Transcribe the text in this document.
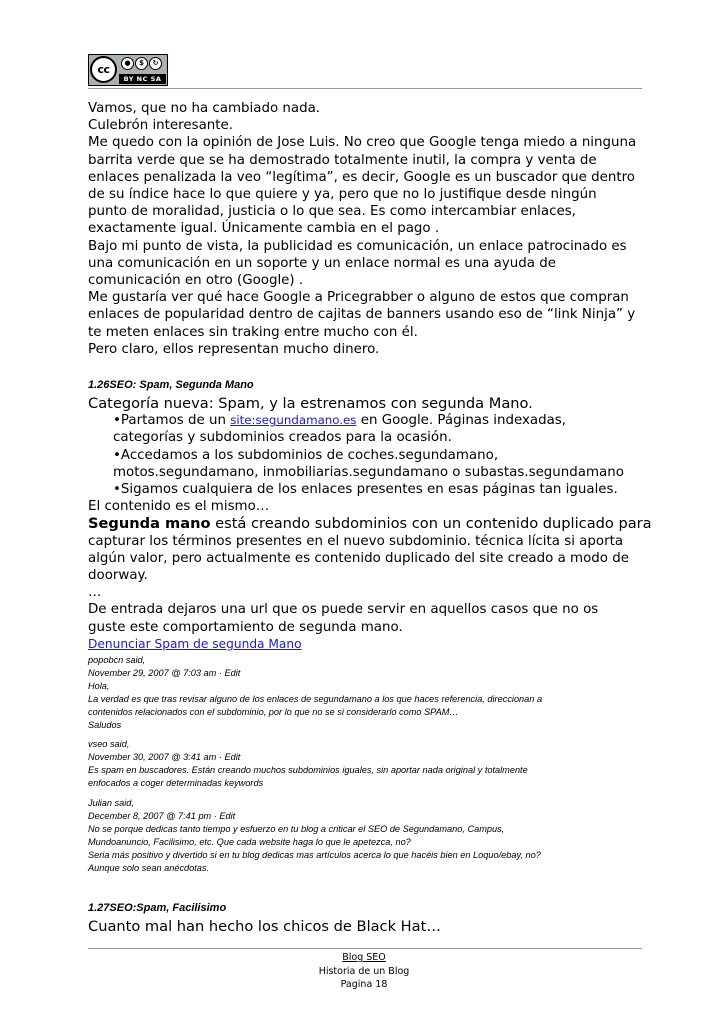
cc	● $ ↻
BY NC SA

Vamos, que no ha cambiado nada.

Culebrón interesante.

Me quedo con la opinión de Jose Luis. No creo que Google tenga miedo a ninguna

barrita verde que se ha demostrado totalmente inutil, la compra y venta de

enlaces penalizada la veo “legítima”, es decir, Google es un buscador que dentro

de su índice hace lo que quiere y ya, pero que no lo justifique desde ningún

punto de moralidad, justicia o lo que sea. Es como intercambiar enlaces,

exactamente igual. Únicamente cambia en el pago .

Bajo mi punto de vista, la publicidad es comunicación, un enlace patrocinado es

una comunicación en un soporte y un enlace normal es una ayuda de

comunicación en otro (Google) .

Me gustaría ver qué hace Google a Pricegrabber o alguno de estos que compran

enlaces de popularidad dentro de cajitas de banners usando eso de “link Ninja” y

te meten enlaces sin traking entre mucho con él.

Pero claro, ellos representan mucho dinero.

1.26SEO: Spam, Segunda Mano

Categoría nueva: Spam, y la estrenamos con segunda Mano.

•Partamos de un site:segundamano.es en Google. Páginas indexadas,

categorías y subdominios creados para la ocasión.

•Accedamos a los subdominios de coches.segundamano,

motos.segundamano, inmobiliarias.segundamano o subastas.segundamano

•Sigamos cualquiera de los enlaces presentes en esas páginas tan iguales.

El contenido es el mismo…

Segunda mano está creando subdominios con un contenido duplicado para

capturar los términos presentes en el nuevo subdominio. técnica lícita si aporta

algún valor, pero actualmente es contenido duplicado del site creado a modo de

doorway.

…

De entrada dejaros una url que os puede servir en aquellos casos que no os

guste este comportamiento de segunda mano.

Denunciar Spam de segunda Mano

popobcn said,

November 29, 2007 @ 7:03 am · Edit

Hola,

La verdad es que tras revisar alguno de los enlaces de segundamano a los que haces referencia, direccionan a

contenidos relacionados con el subdominio, por lo que no se si considerarlo como SPAM…

Saludos

vseo said,

November 30, 2007 @ 3:41 am · Edit

Es spam en buscadores. Están creando muchos subdominios iguales, sin aportar nada original y totalmente

enfocados a coger determinadas keywords

Julian said,

December 8, 2007 @ 7:41 pm · Edit

No se porque dedicas tanto tiempo y esfuerzo en tu blog a criticar el SEO de Segundamano, Campus,

Mundoanuncio, Facilisimo, etc. Que cada website haga lo que le apetezca, no?

Seria más positivo y divertido si en tu blog dedicas mas artículos acerca lo que hacéis bien en Loquo/ebay, no?

Aunque solo sean anécdotas.

1.27SEO:Spam, Facilisimo

Cuanto mal han hecho los chicos de Black Hat…

Blog SEO
Historia de un Blog
Pagina 18
